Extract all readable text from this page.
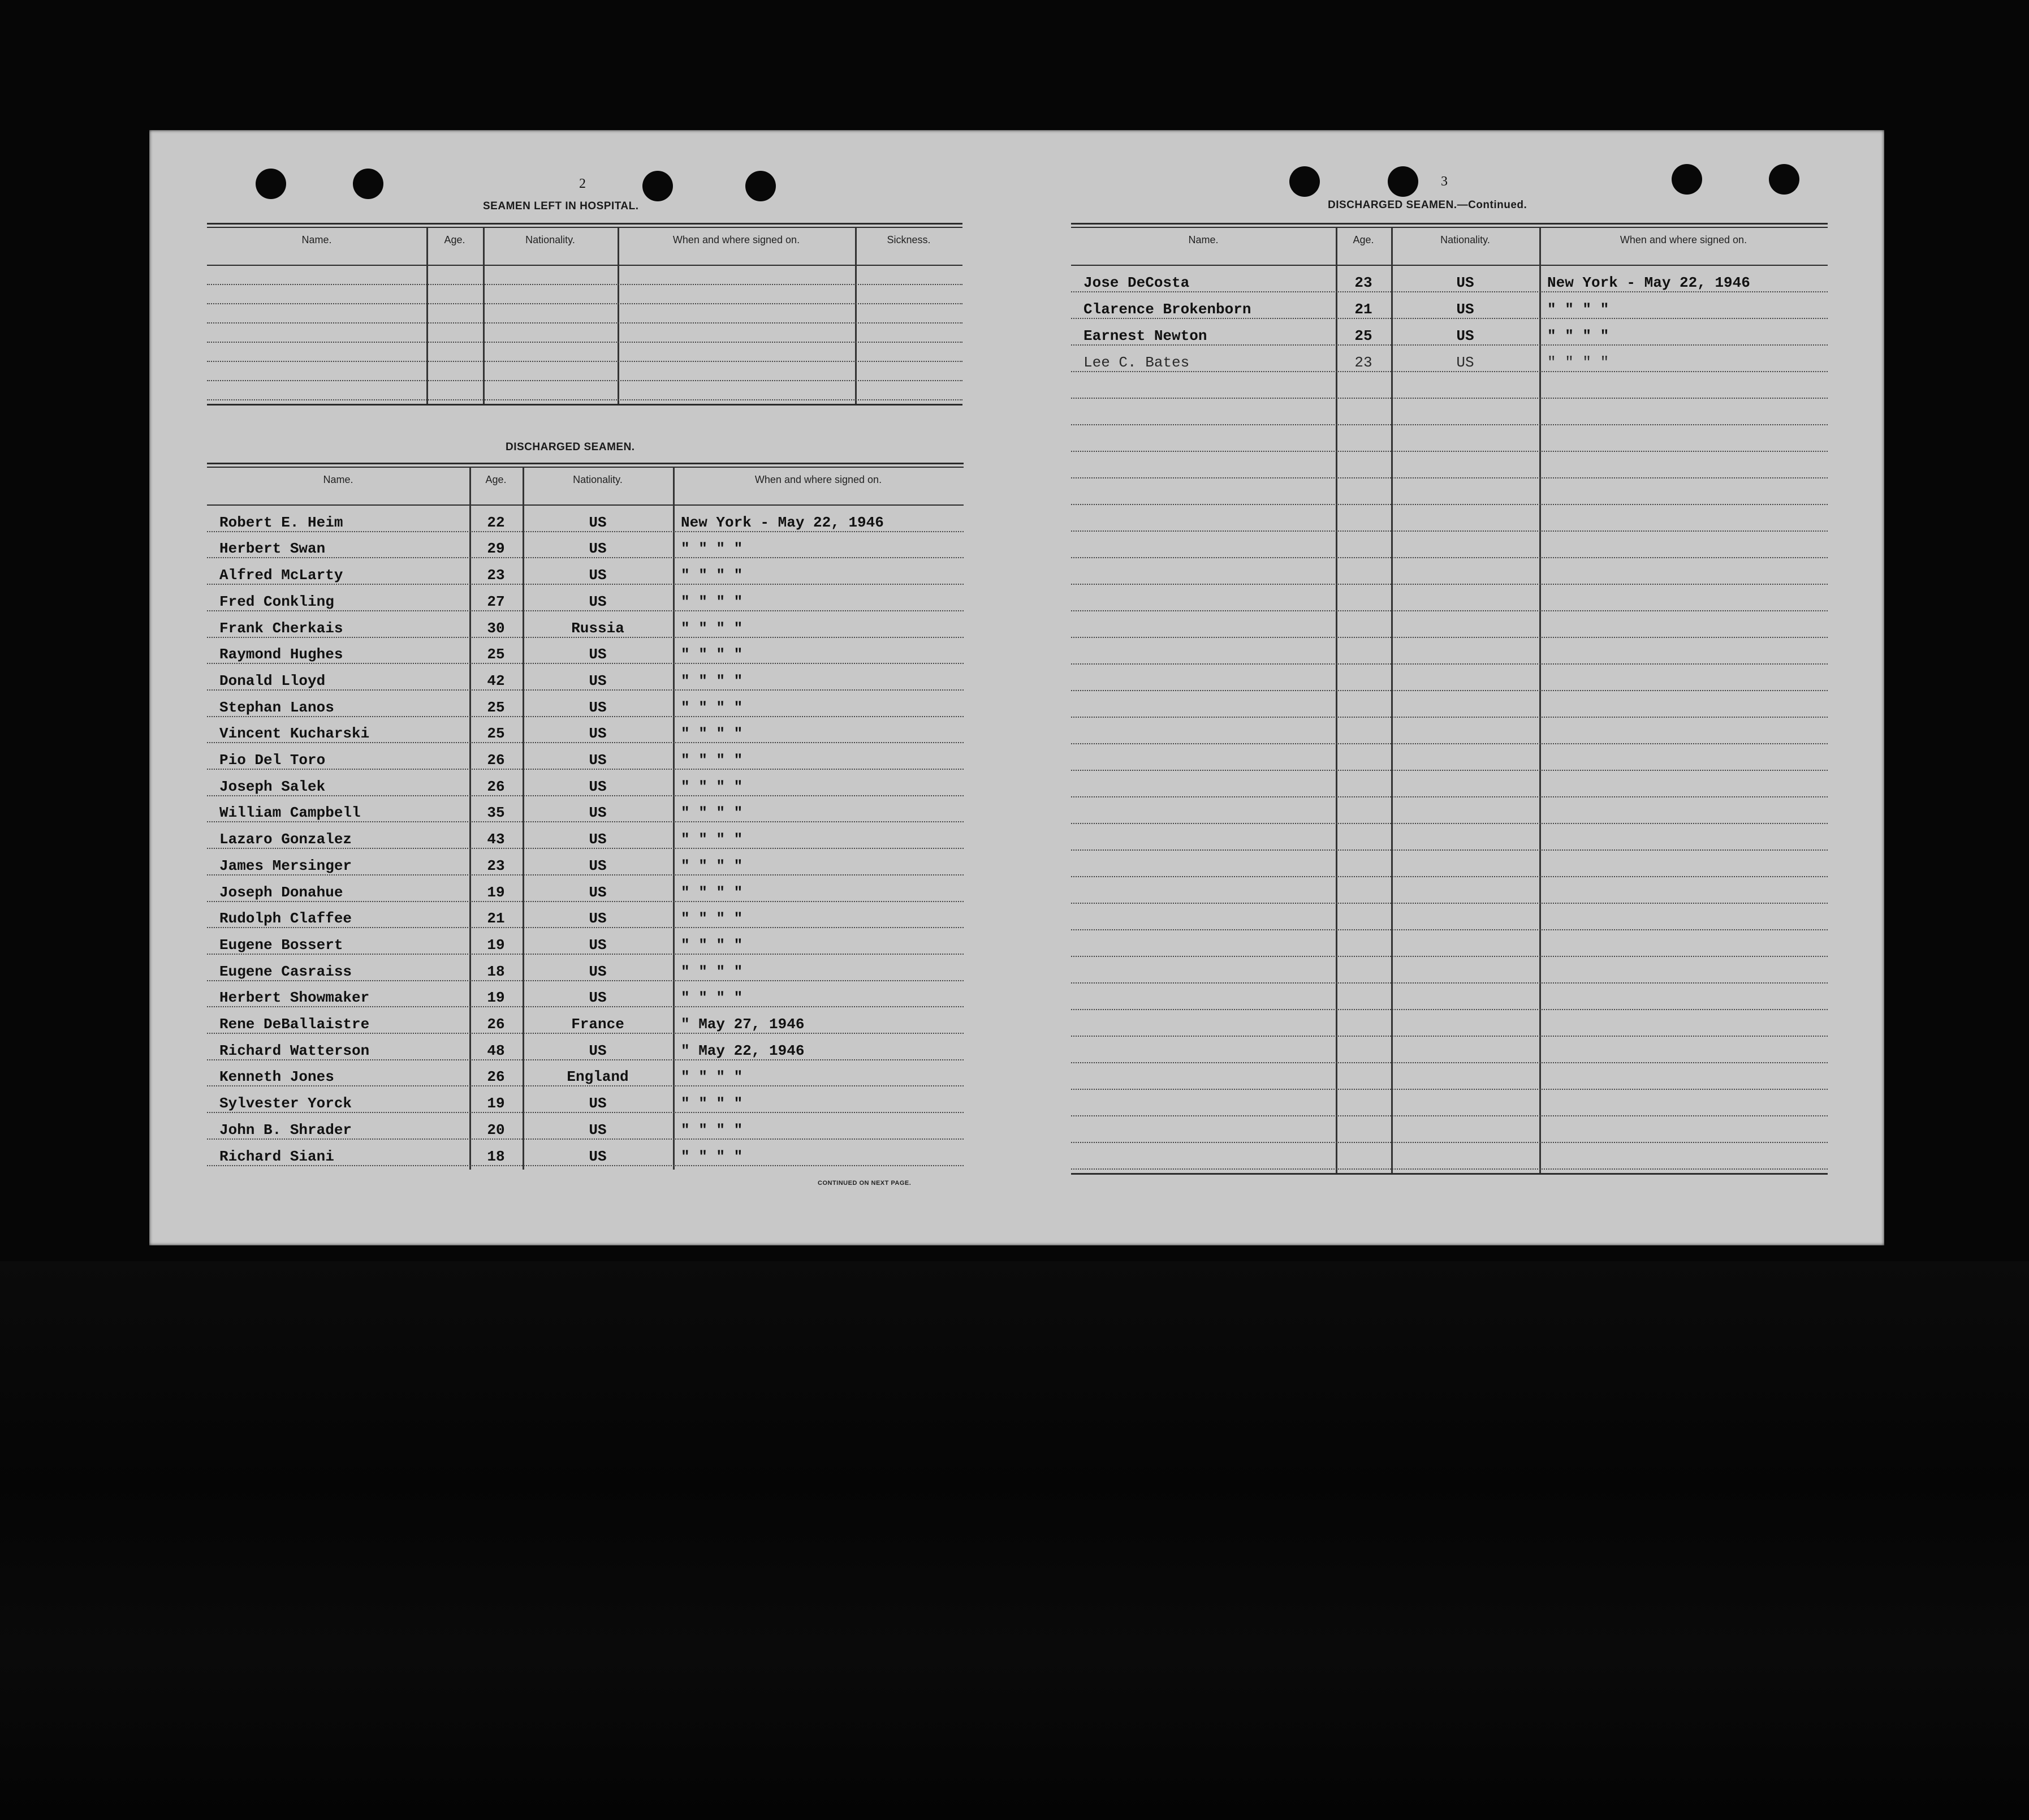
2
SEAMEN LEFT IN HOSPITAL.
DISCHARGED SEAMEN.
CONTINUED ON NEXT PAGE.
3
DISCHARGED SEAMEN.—Continued.
Name.	Age.	Nationality.	When and where signed on.	Sickness.
Name.	Age.	Nationality.	When and where signed on.
Robert E. Heim	22	US	New York - May 22, 1946
Herbert Swan	29	US	" " " "
Alfred McLarty	23	US	" " " "
Fred Conkling	27	US	" " " "
Frank Cherkais	30	Russia	" " " "
Raymond Hughes	25	US	" " " "
Donald Lloyd	42	US	" " " "
Stephan Lanos	25	US	" " " "
Vincent Kucharski	25	US	" " " "
Pio Del Toro	26	US	" " " "
Joseph Salek	26	US	" " " "
William Campbell	35	US	" " " "
Lazaro Gonzalez	43	US	" " " "
James Mersinger	23	US	" " " "
Joseph Donahue	19	US	" " " "
Rudolph Claffee	21	US	" " " "
Eugene Bossert	19	US	" " " "
Eugene Casraiss	18	US	" " " "
Herbert Showmaker	19	US	" " " "
Rene DeBallaistre	26	France	" May 27, 1946
Richard Watterson	48	US	" May 22, 1946
Kenneth Jones	26	England	" " " "
Sylvester Yorck	19	US	" " " "
John B. Shrader	20	US	" " " "
Richard Siani	18	US	" " " "
Name.	Age.	Nationality.	When and where signed on.
Jose DeCosta	23	US	New York - May 22, 1946
Clarence Brokenborn	21	US	" " " "
Earnest Newton	25	US	" " " "
Lee C. Bates	23	US	" " " "
